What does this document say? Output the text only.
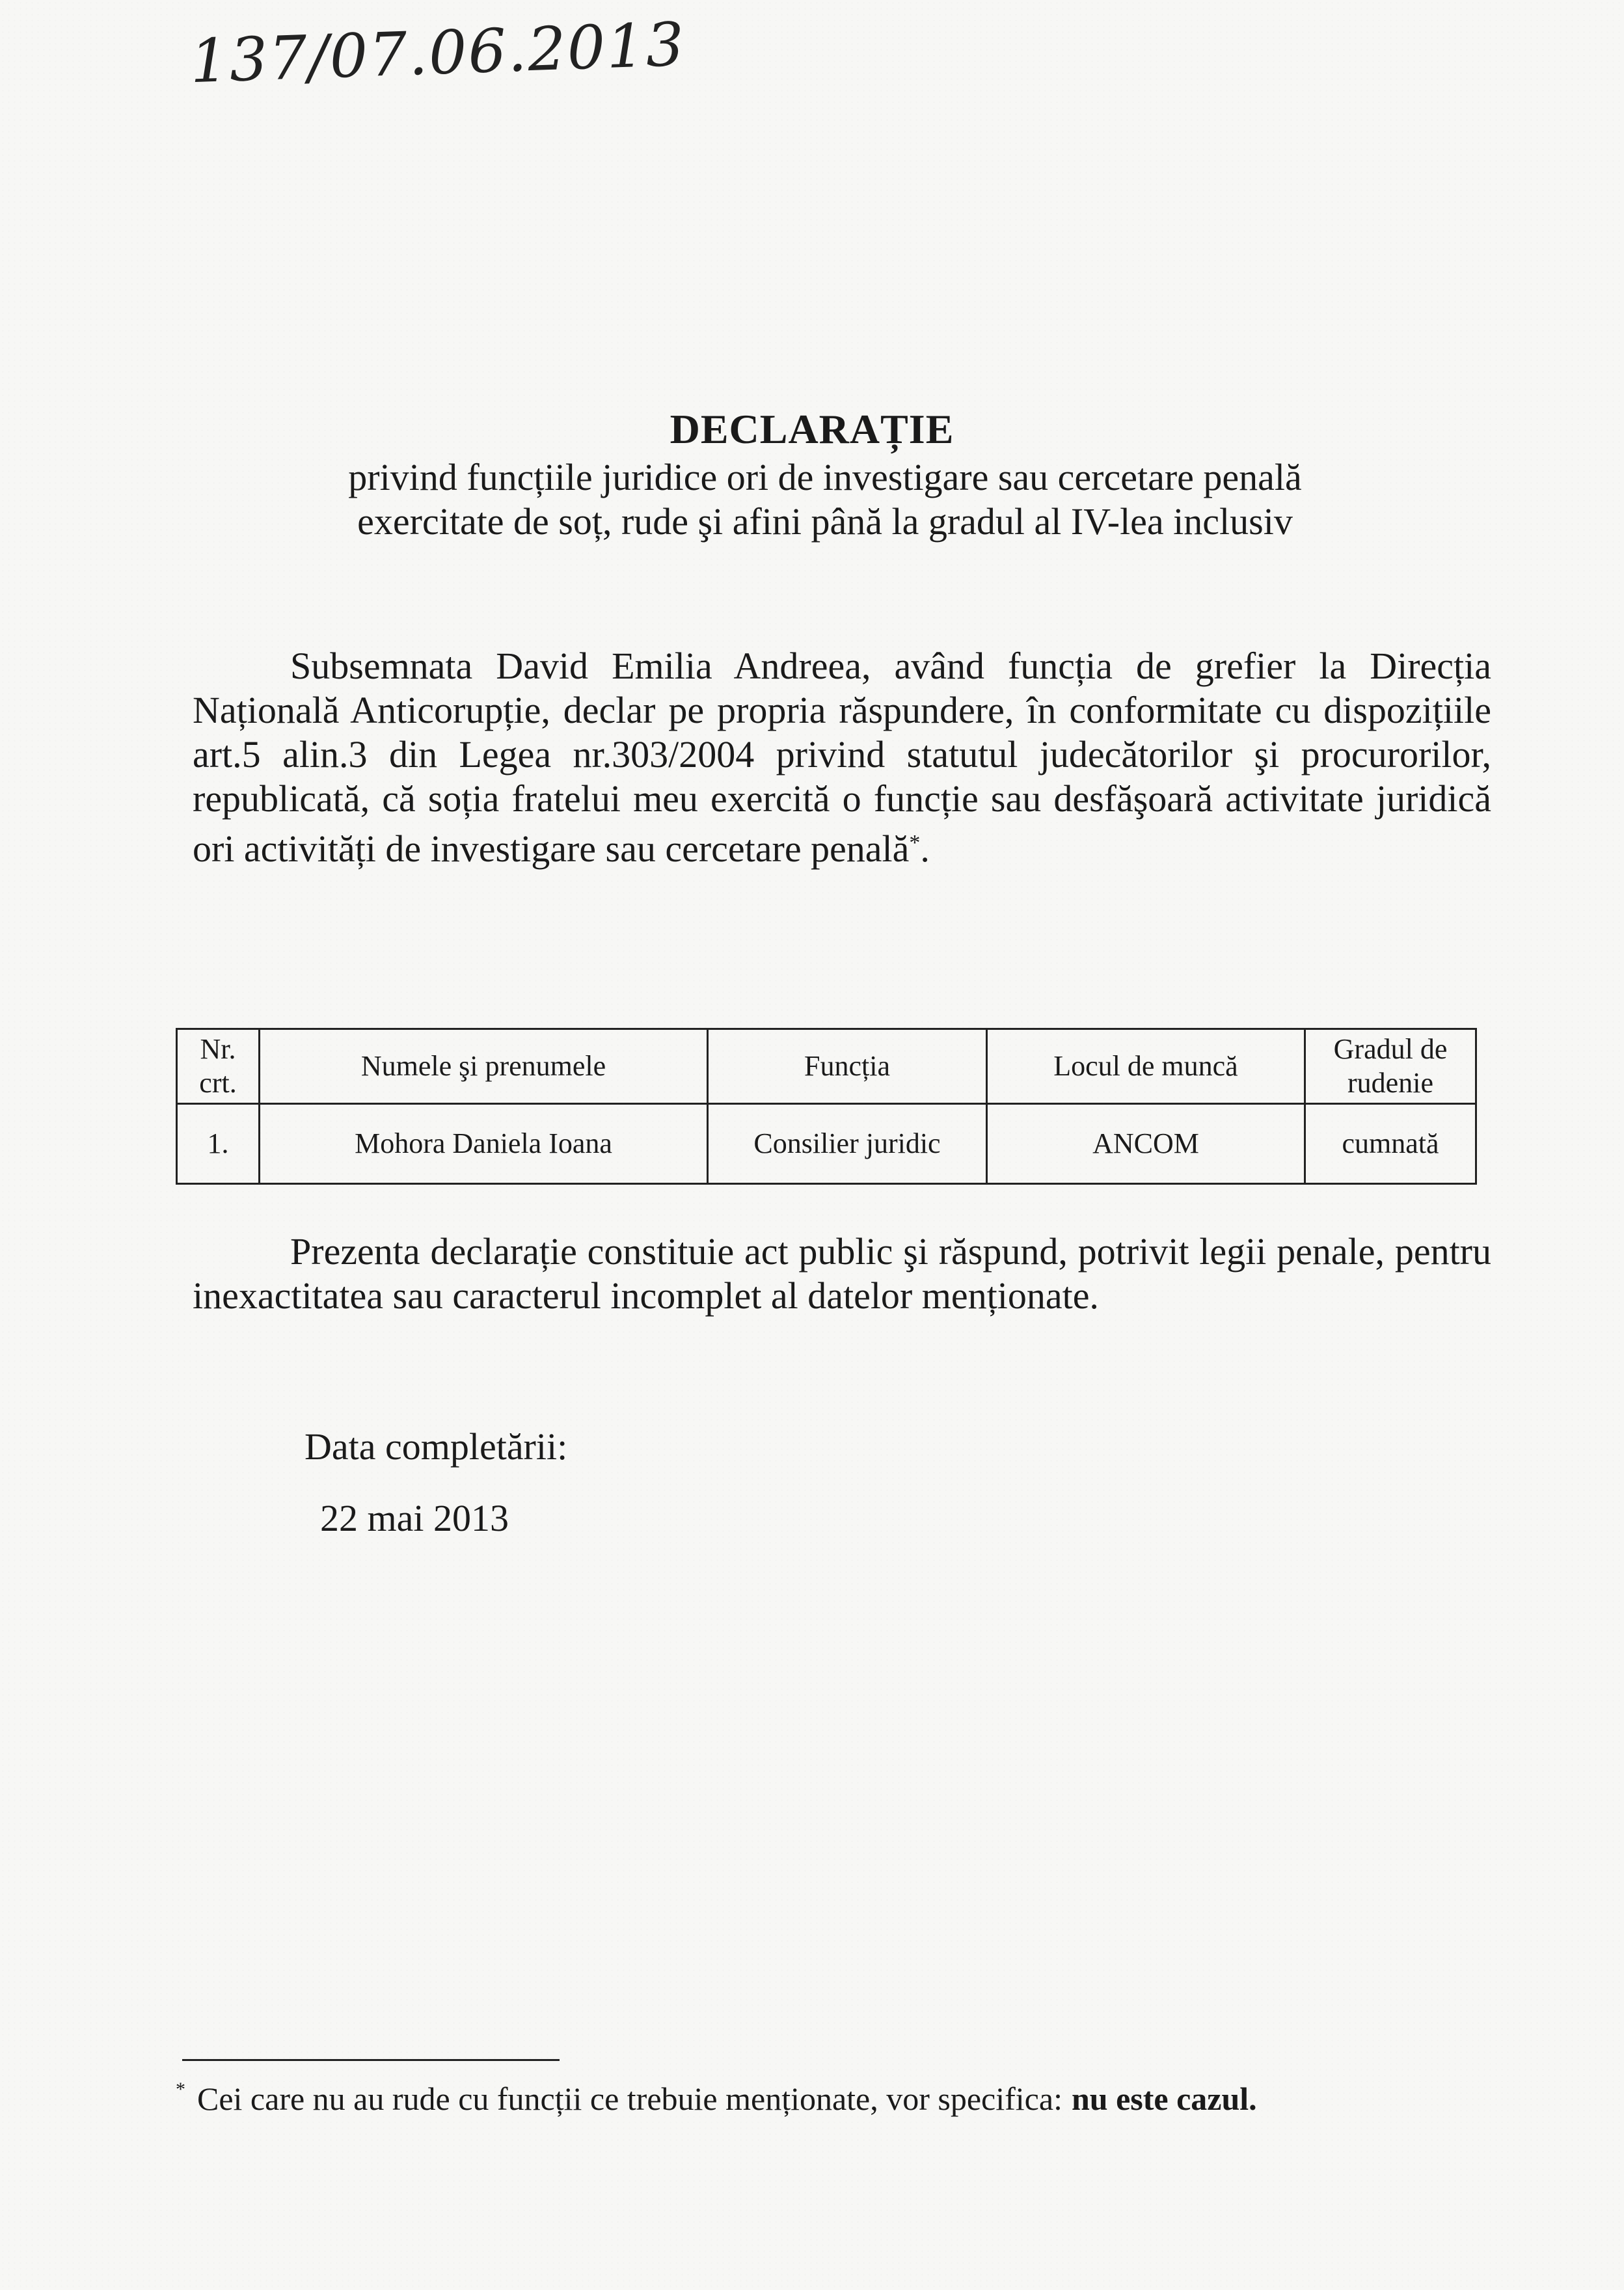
137/07.06.2013
DECLARAȚIE
privind funcțiile juridice ori de investigare sau cercetare penală
exercitate de soț, rude şi afini până la gradul al IV-lea inclusiv
Subsemnata David Emilia Andreea, având funcția de grefier la Direcția Națională Anticorupție, declar pe propria răspundere, în conformitate cu dispozițiile art.5 alin.3 din Legea nr.303/2004 privind statutul judecătorilor şi procurorilor, republicată, că soția fratelui meu exercită o funcție sau desfăşoară activitate juridică ori activități de investigare sau cercetare penală*.
Nr. crt.	Numele şi prenumele	Funcția	Locul de muncă	Gradul de rudenie
1.	Mohora Daniela Ioana	Consilier juridic	ANCOM	cumnată
Prezenta declarație constituie act public şi răspund, potrivit legii penale, pentru inexactitatea sau caracterul incomplet al datelor menționate.
Data completării:
22 mai 2013
* Cei care nu au rude cu funcții ce trebuie menționate, vor specifica: nu este cazul.
